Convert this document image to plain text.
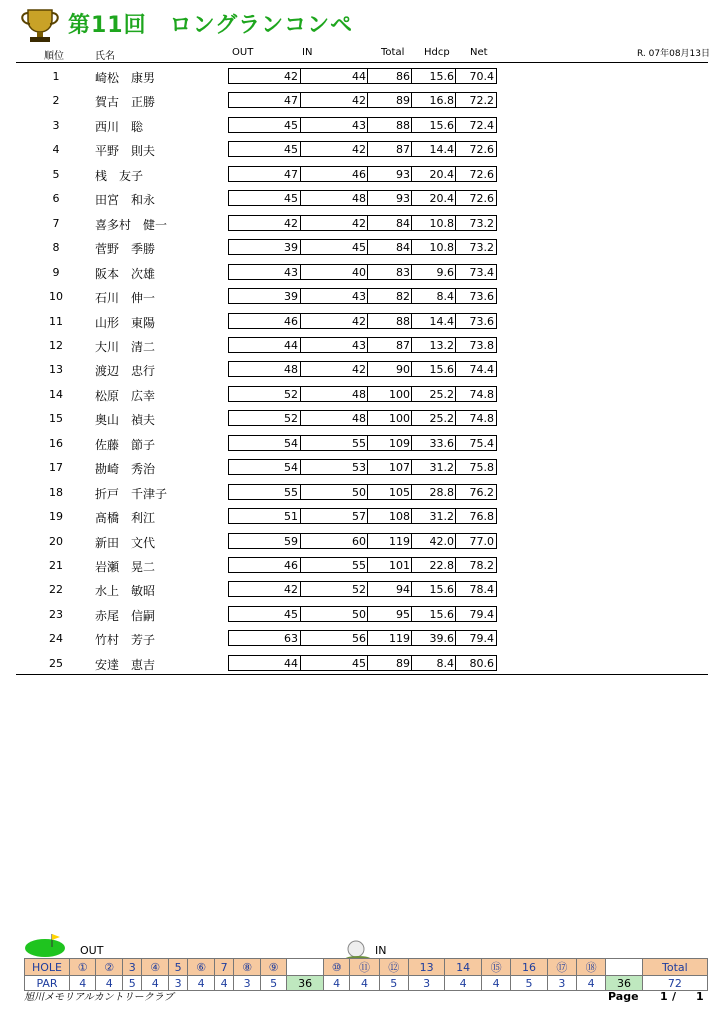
第11回　ロングランコンペ
R. 07年08月13日
順位	氏名	OUT	IN	Total Hdcp Net
1	崎松　康男	42	44	86	15.6	70.4
2	賀古　正勝	47	42	89	16.8	72.2
3	西川　聡	45	43	88	15.6	72.4
4	平野　則夫	45	42	87	14.4	72.6
5	桟　友子	47	46	93	20.4	72.6
6	田宮　和永	45	48	93	20.4	72.6
7	喜多村　健一	42	42	84	10.8	73.2
8	菅野　季勝	39	45	84	10.8	73.2
9	阪本　次雄	43	40	83	9.6	73.4
10	石川　伸一	39	43	82	8.4	73.6
11	山形　東陽	46	42	88	14.4	73.6
12	大川　清二	44	43	87	13.2	73.8
13	渡辺　忠行	48	42	90	15.6	74.4
14	松原　広幸	52	48	100	25.2	74.8
15	奥山　禎夫	52	48	100	25.2	74.8
16	佐藤　節子	54	55	109	33.6	75.4
17	勘崎　秀治	54	53	107	31.2	75.8
18	折戸　千津子	55	50	105	28.8	76.2
19	髙橋　利江	51	57	108	31.2	76.8
20	新田　文代	59	60	119	42.0	77.0
21	岩瀬　晃二	46	55	101	22.8	78.2
22	水上　敏昭	42	52	94	15.6	78.4
23	赤尾　信嗣	45	50	95	15.6	79.4
24	竹村　芳子	63	56	119	39.6	79.4
25	安達　恵吉	44	45	89	8.4	80.6
OUT	IN
HOLE	①	②	3	④	5	⑥	7	⑧	⑨		⑩	⑪	⑫	13	14	⑮	16	⑰	⑱		Total
PAR	4	4	5	4	3	4	4	3	5	36	4	4	5	3	4	4	5	3	4	36	72
旭川メモリアルカントリークラブ	Page 1 / 1
